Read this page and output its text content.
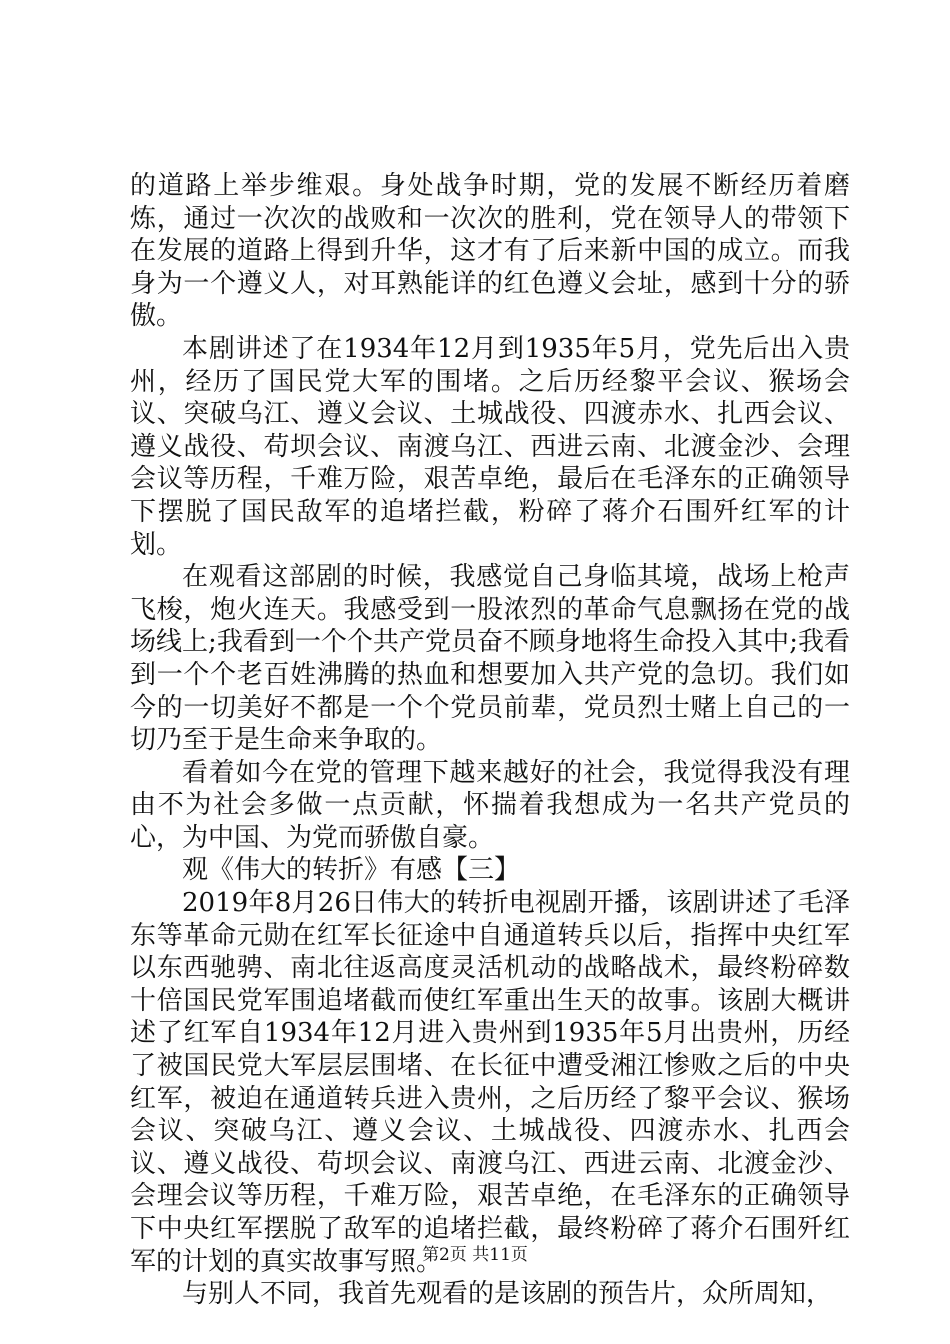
的道路上举步维艰。身处战争时期，党的发展不断经历着磨炼，通过一次次的战败和一次次的胜利，党在领导人的带领下在发展的道路上得到升华，这才有了后来新中国的成立。而我身为一个遵义人，对耳熟能详的红色遵义会址，感到十分的骄傲。

本剧讲述了在1934年12月到1935年5月，党先后出入贵州，经历了国民党大军的围堵。之后历经黎平会议、猴场会议、突破乌江、遵义会议、土城战役、四渡赤水、扎西会议、遵义战役、苟坝会议、南渡乌江、西进云南、北渡金沙、会理会议等历程，千难万险，艰苦卓绝，最后在毛泽东的正确领导下摆脱了国民敌军的追堵拦截，粉碎了蒋介石围歼红军的计划。

在观看这部剧的时候，我感觉自己身临其境，战场上枪声飞梭，炮火连天。我感受到一股浓烈的革命气息飘扬在党的战场线上;我看到一个个共产党员奋不顾身地将生命投入其中;我看到一个个老百姓沸腾的热血和想要加入共产党的急切。我们如今的一切美好不都是一个个党员前辈，党员烈士赌上自己的一切乃至于是生命来争取的。

看着如今在党的管理下越来越好的社会，我觉得我没有理由不为社会多做一点贡献，怀揣着我想成为一名共产党员的心，为中国、为党而骄傲自豪。

观《伟大的转折》有感【三】

2019年8月26日伟大的转折电视剧开播，该剧讲述了毛泽东等革命元勋在红军长征途中自通道转兵以后，指挥中央红军以东西驰骋、南北往返高度灵活机动的战略战术，最终粉碎数十倍国民党军围追堵截而使红军重出生天的故事。该剧大概讲述了红军自1934年12月进入贵州到1935年5月出贵州，历经了被国民党大军层层围堵、在长征中遭受湘江惨败之后的中央红军，被迫在通道转兵进入贵州，之后历经了黎平会议、猴场会议、突破乌江、遵义会议、土城战役、四渡赤水、扎西会议、遵义战役、苟坝会议、南渡乌江、西进云南、北渡金沙、会理会议等历程，千难万险，艰苦卓绝，在毛泽东的正确领导下中央红军摆脱了敌军的追堵拦截，最终粉碎了蒋介石围歼红军的计划的真实故事写照。

与别人不同，我首先观看的是该剧的预告片，众所周知，

第2页 共11页
